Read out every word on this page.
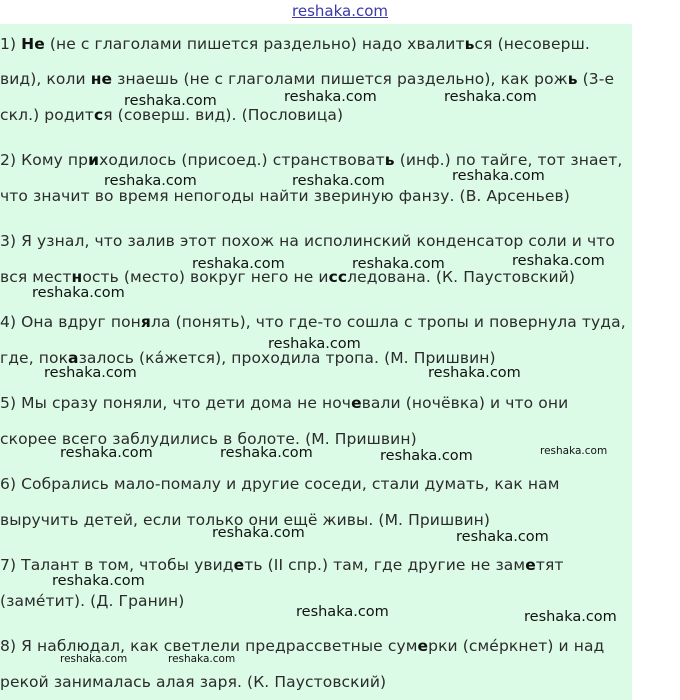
reshaka.com
1) Не (не с глаголами пишется раздельно) надо хвалиться (несоверш.
вид), коли не знаешь (не с глаголами пишется раздельно), как рожь (3-е
скл.) родится (соверш. вид). (Пословица)
2) Кому приходилось (присоед.) странствовать (инф.) по тайге, тот знает,
что значит во время непогоды найти звериную фанзу. (В. Арсеньев)
3) Я узнал, что залив этот похож на исполинский конденсатор соли и что
вся местность (место) вокруг него не исследована. (К. Паустовский)
4) Она вдруг поняла (понять), что где-то сошла с тропы и повернула туда,
где, показалось (ка́жется), проходила тропа. (М. Пришвин)
5) Мы сразу поняли, что дети дома не ночевали (ночёвка) и что они
скорее всего заблудились в болоте. (М. Пришвин)
6) Собрались мало-помалу и другие соседи, стали думать, как нам
выручить детей, если только они ещё живы. (М. Пришвин)
7) Талант в том, чтобы увидеть (II спр.) там, где другие не заметят
(заме́тит). (Д. Гранин)
8) Я наблюдал, как светлели предрассветные сумерки (сме́ркнет) и над
рекой занималась алая заря. (К. Паустовский)
reshaka.com	reshaka.com	reshaka.com
reshaka.com	reshaka.com	reshaka.com
reshaka.com	reshaka.com	reshaka.com
reshaka.com
reshaka.com
reshaka.com	reshaka.com
reshaka.com	reshaka.com	reshaka.com	reshaka.com
reshaka.com	reshaka.com
reshaka.com
reshaka.com	reshaka.com
reshaka.com	reshaka.com
